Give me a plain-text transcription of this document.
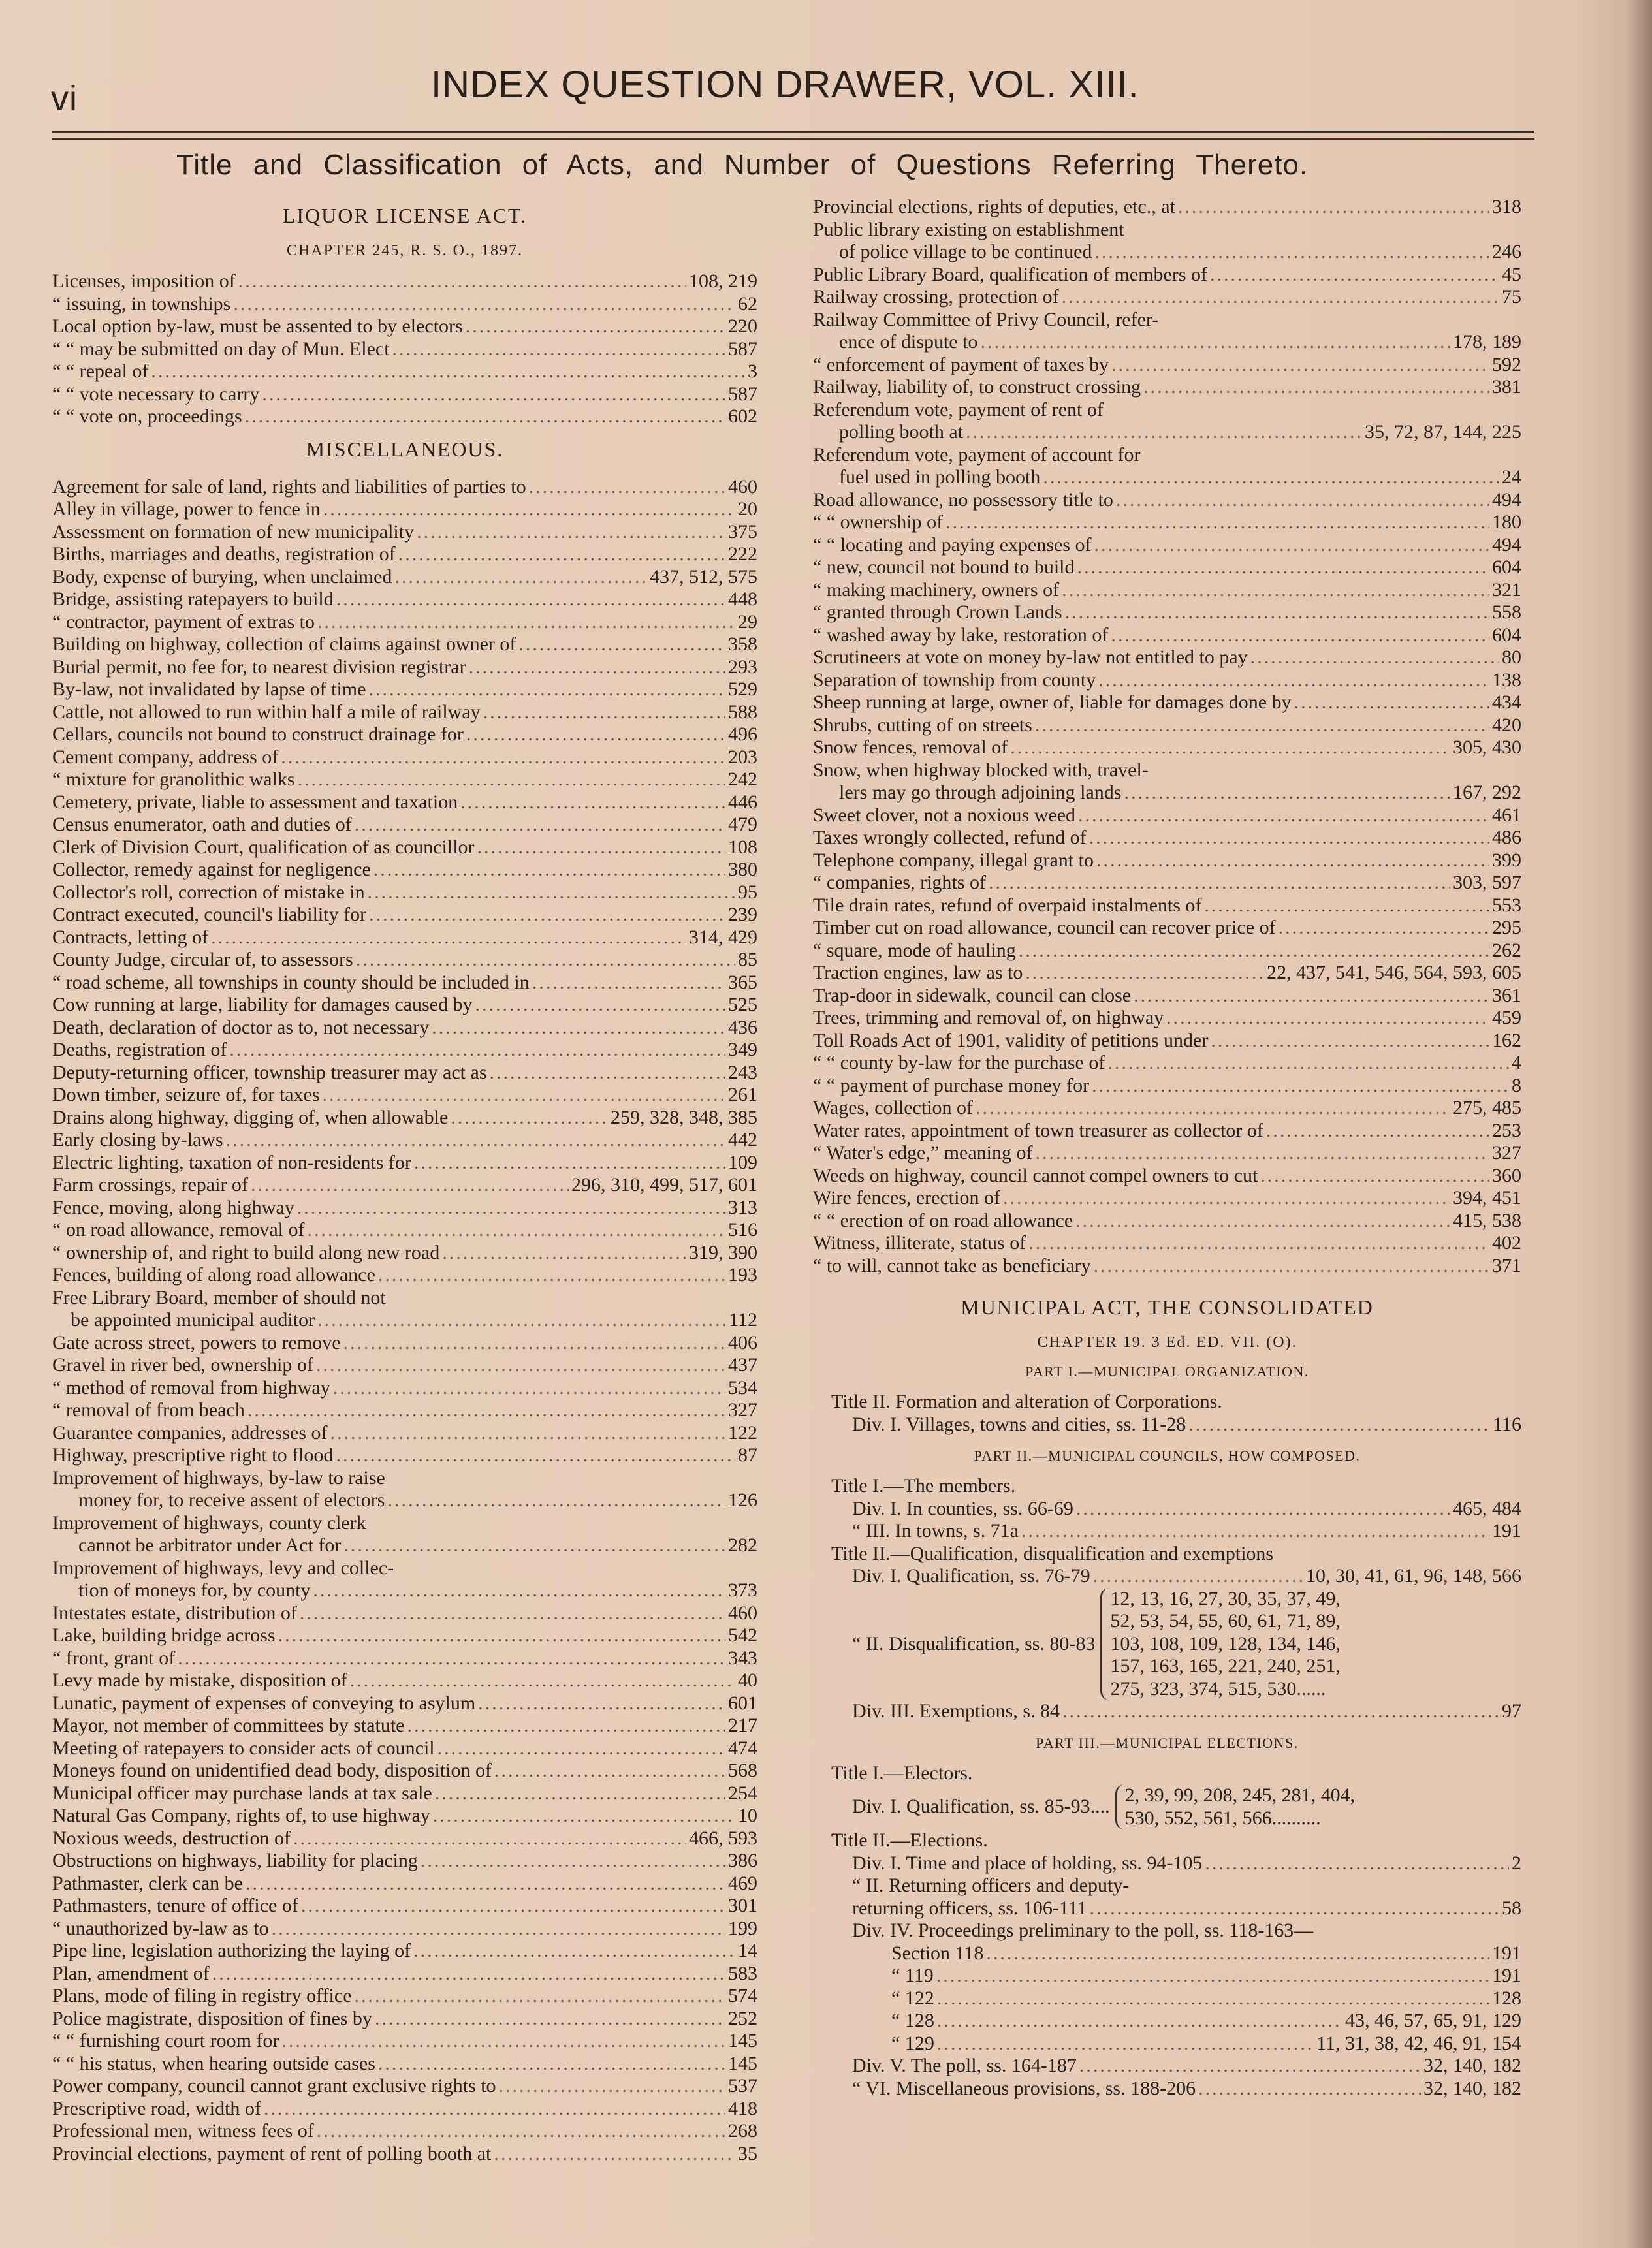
vi	INDEX QUESTION DRAWER, VOL. XIII.
Title and Classification of Acts, and Number of Questions Referring Thereto.
LIQUOR LICENSE ACT.
CHAPTER 245, R. S. O., 1897.
Licenses, imposition of .....	108, 219
“ issuing, in townships .....	62
Local option by-law, must be assented to by electors .....	220
“ “ may be submitted on day of Mun. Elect .....	587
“ “ repeal of .....	3
“ “ vote necessary to carry .....	587
“ “ vote on, proceedings .....	602
MISCELLANEOUS.
Agreement for sale of land, rights and liabilities of parties to .....	460
Alley in village, power to fence in .....	20
Assessment on formation of new municipality .....	375
Births, marriages and deaths, registration of .....	222
Body, expense of burying, when unclaimed .....	437, 512, 575
Bridge, assisting ratepayers to build .....	448
“ contractor, payment of extras to .....	29
Building on highway, collection of claims against owner of .....	358
Burial permit, no fee for, to nearest division registrar .....	293
By-law, not invalidated by lapse of time .....	529
Cattle, not allowed to run within half a mile of railway .....	588
Cellars, councils not bound to construct drainage for .....	496
Cement company, address of .....	203
“ mixture for granolithic walks .....	242
Cemetery, private, liable to assessment and taxation .....	446
Census enumerator, oath and duties of .....	479
Clerk of Division Court, qualification of as councillor .....	108
Collector, remedy against for negligence .....	380
Collector's roll, correction of mistake in .....	95
Contract executed, council's liability for .....	239
Contracts, letting of .....	314, 429
County Judge, circular of, to assessors .....	85
“ road scheme, all townships in county should be included in .....	365
Cow running at large, liability for damages caused by .....	525
Death, declaration of doctor as to, not necessary .....	436
Deaths, registration of .....	349
Deputy-returning officer, township treasurer may act as .....	243
Down timber, seizure of, for taxes .....	261
Drains along highway, digging of, when allowable .....	259, 328, 348, 385
Early closing by-laws .....	442
Electric lighting, taxation of non-residents for .....	109
Farm crossings, repair of .....	296, 310, 499, 517, 601
Fence, moving, along highway .....	313
“ on road allowance, removal of .....	516
“ ownership of, and right to build along new road .....	319, 390
Fences, building of along road allowance .....	193
Free Library Board, member of should not
be appointed municipal auditor .....	112
Gate across street, powers to remove .....	406
Gravel in river bed, ownership of .....	437
“ method of removal from highway .....	534
“ removal of from beach .....	327
Guarantee companies, addresses of .....	122
Highway, prescriptive right to flood .....	87
Improvement of highways, by-law to raise
money for, to receive assent of electors .....	126
Improvement of highways, county clerk
cannot be arbitrator under Act for .....	282
Improvement of highways, levy and collec-
tion of moneys for, by county .....	373
Intestates estate, distribution of .....	460
Lake, building bridge across .....	542
“ front, grant of .....	343
Levy made by mistake, disposition of .....	40
Lunatic, payment of expenses of conveying to asylum .....	601
Mayor, not member of committees by statute .....	217
Meeting of ratepayers to consider acts of council .....	474
Moneys found on unidentified dead body, disposition of .....	568
Municipal officer may purchase lands at tax sale .....	254
Natural Gas Company, rights of, to use highway .....	10
Noxious weeds, destruction of .....	466, 593
Obstructions on highways, liability for placing .....	386
Pathmaster, clerk can be .....	469
Pathmasters, tenure of office of .....	301
“ unauthorized by-law as to .....	199
Pipe line, legislation authorizing the laying of .....	14
Plan, amendment of .....	583
Plans, mode of filing in registry office .....	574
Police magistrate, disposition of fines by .....	252
“ “ furnishing court room for .....	145
“ “ his status, when hearing outside cases .....	145
Power company, council cannot grant exclusive rights to .....	537
Prescriptive road, width of .....	418
Professional men, witness fees of .....	268
Provincial elections, payment of rent of polling booth at .....	35
Provincial elections, rights of deputies, etc., at .....	318
Public library existing on establishment
of police village to be continued .....	246
Public Library Board, qualification of members of .....	45
Railway crossing, protection of .....	75
Railway Committee of Privy Council, refer-
ence of dispute to .....	178, 189
“ enforcement of payment of taxes by .....	592
Railway, liability of, to construct crossing .....	381
Referendum vote, payment of rent of
polling booth at .....	35, 72, 87, 144, 225
Referendum vote, payment of account for
fuel used in polling booth .....	24
Road allowance, no possessory title to .....	494
“ “ ownership of .....	180
“ “ locating and paying expenses of .....	494
“ new, council not bound to build .....	604
“ making machinery, owners of .....	321
“ granted through Crown Lands .....	558
“ washed away by lake, restoration of .....	604
Scrutineers at vote on money by-law not entitled to pay .....	80
Separation of township from county .....	138
Sheep running at large, owner of, liable for damages done by .....	434
Shrubs, cutting of on streets .....	420
Snow fences, removal of .....	305, 430
Snow, when highway blocked with, travel-
lers may go through adjoining lands .....	167, 292
Sweet clover, not a noxious weed .....	461
Taxes wrongly collected, refund of .....	486
Telephone company, illegal grant to .....	399
“ companies, rights of .....	303, 597
Tile drain rates, refund of overpaid instalments of .....	553
Timber cut on road allowance, council can recover price of .....	295
“ square, mode of hauling .....	262
Traction engines, law as to .....	22, 437, 541, 546, 564, 593, 605
Trap-door in sidewalk, council can close .....	361
Trees, trimming and removal of, on highway .....	459
Toll Roads Act of 1901, validity of petitions under .....	162
“ “ county by-law for the purchase of .....	4
“ “ payment of purchase money for .....	8
Wages, collection of .....	275, 485
Water rates, appointment of town treasurer as collector of .....	253
“ Water's edge,” meaning of .....	327
Weeds on highway, council cannot compel owners to cut .....	360
Wire fences, erection of .....	394, 451
“ “ erection of on road allowance .....	415, 538
Witness, illiterate, status of .....	402
“ to will, cannot take as beneficiary .....	371
MUNICIPAL ACT, THE CONSOLIDATED
CHAPTER 19. 3 Ed. ED. VII. (O).
PART I.—MUNICIPAL ORGANIZATION.
Title II. Formation and alteration of Corporations.
Div. I. Villages, towns and cities, ss. 11-28 .....	116
PART II.—MUNICIPAL COUNCILS, HOW COMPOSED.
Title I.—The members.
Div. I. In counties, ss. 66-69 .....	465, 484
“ III. In towns, s. 71a .....	191
Title II.—Qualification, disqualification and exemptions
Div. I. Qualification, ss. 76-79 .....	10, 30, 41, 61, 96, 148, 566
“ II. Disqualification, ss. 80-83
12, 13, 16, 27, 30, 35, 37, 49,
52, 53, 54, 55, 60, 61, 71, 89,
103, 108, 109, 128, 134, 146,
157, 163, 165, 221, 240, 251,
275, 323, 374, 515, 530......
Div. III. Exemptions, s. 84 .....	97
PART III.—MUNICIPAL ELECTIONS.
Title I.—Electors.
Div. I. Qualification, ss. 85-93....
2, 39, 99, 208, 245, 281, 404,
530, 552, 561, 566..........
Title II.—Elections.
Div. I. Time and place of holding, ss. 94-105 .....	2
“ II. Returning officers and deputy-
returning officers, ss. 106-111 .....	58
Div. IV. Proceedings preliminary to the poll, ss. 118-163—
Section 118 .....	191
“ 119 .....	191
“ 122 .....	128
“ 128 .....	43, 46, 57, 65, 91, 129
“ 129 .....	11, 31, 38, 42, 46, 91, 154
Div. V. The poll, ss. 164-187 .....	32, 140, 182
“ VI. Miscellaneous provisions, ss. 188-206 .....	32, 140, 182
